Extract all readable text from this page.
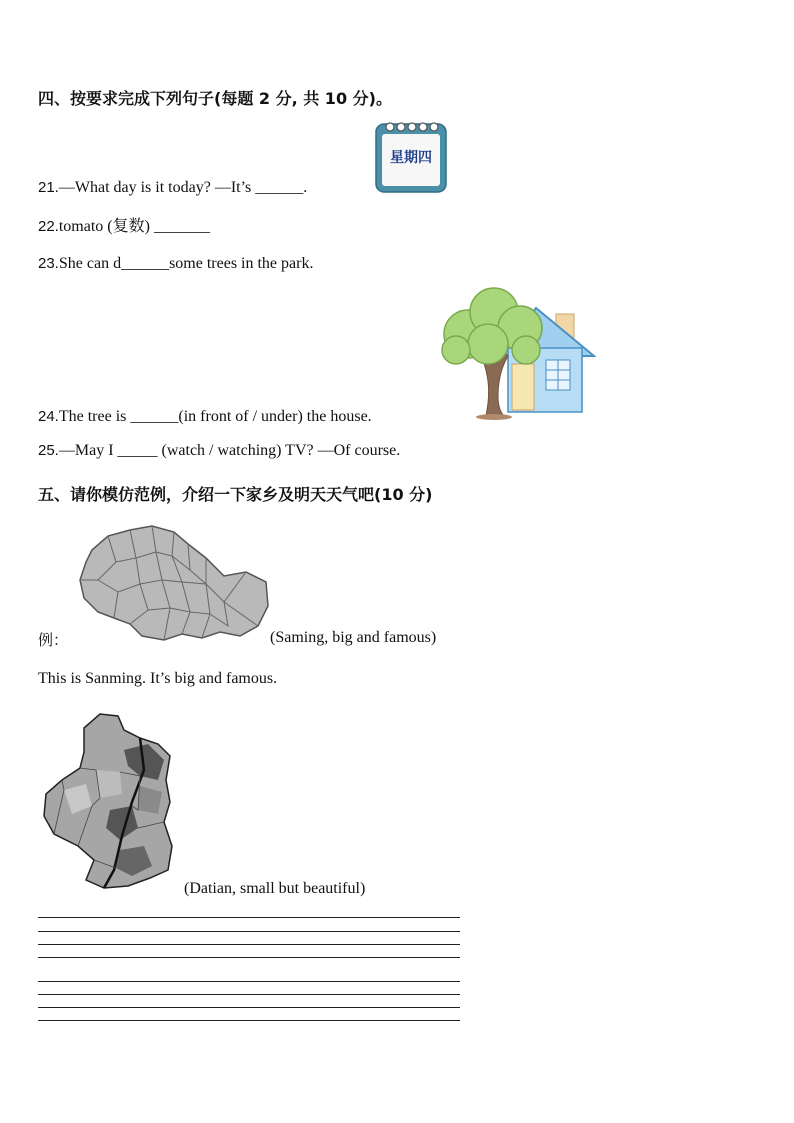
四、按要求完成下列句子(每题 2 分, 共 10 分)。
星期四
21.—What day is it today? —It’s ______.
22.tomato (复数) _______
23.She can d______some trees in the park.
24.The tree is ______(in front of / under) the house.
25.—May I _____ (watch / watching) TV? —Of course.
五、请你模仿范例，介绍一下家乡及明天天气吧(10 分)
例：	(Saming, big and famous)
This is Sanming. It’s big and famous.
(Datian, small but beautiful)
